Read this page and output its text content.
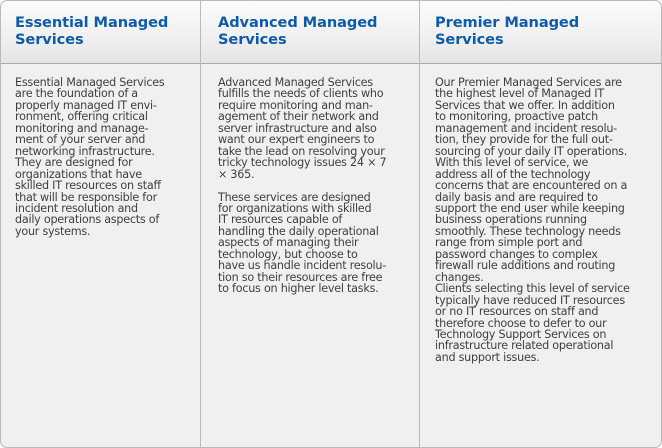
Essential Managed
Services
Advanced Managed
Services
Premier Managed
Services
Essential Managed Services
are the foundation of a
properly managed IT envi-
ronment, offering critical
monitoring and manage-
ment of your server and
networking infrastructure.
They are designed for
organizations that have
skilled IT resources on staff
that will be responsible for
incident resolution and
daily operations aspects of
your systems.
Advanced Managed Services
fulfills the needs of clients who
require monitoring and man-
agement of their network and
server infrastructure and also
want our expert engineers to
take the lead on resolving your
tricky technology issues 24 × 7
× 365.

These services are designed
for organizations with skilled
IT resources capable of
handling the daily operational
aspects of managing their
technology, but choose to
have us handle incident resolu-
tion so their resources are free
to focus on higher level tasks.
Our Premier Managed Services are
the highest level of Managed IT
Services that we offer. In addition
to monitoring, proactive patch
management and incident resolu-
tion, they provide for the full out-
sourcing of your daily IT operations.
With this level of service, we
address all of the technology
concerns that are encountered on a
daily basis and are required to
support the end user while keeping
business operations running
smoothly. These technology needs
range from simple port and
password changes to complex
firewall rule additions and routing
changes.
Clients selecting this level of service
typically have reduced IT resources
or no IT resources on staff and
therefore choose to defer to our
Technology Support Services on
infrastructure related operational
and support issues.
